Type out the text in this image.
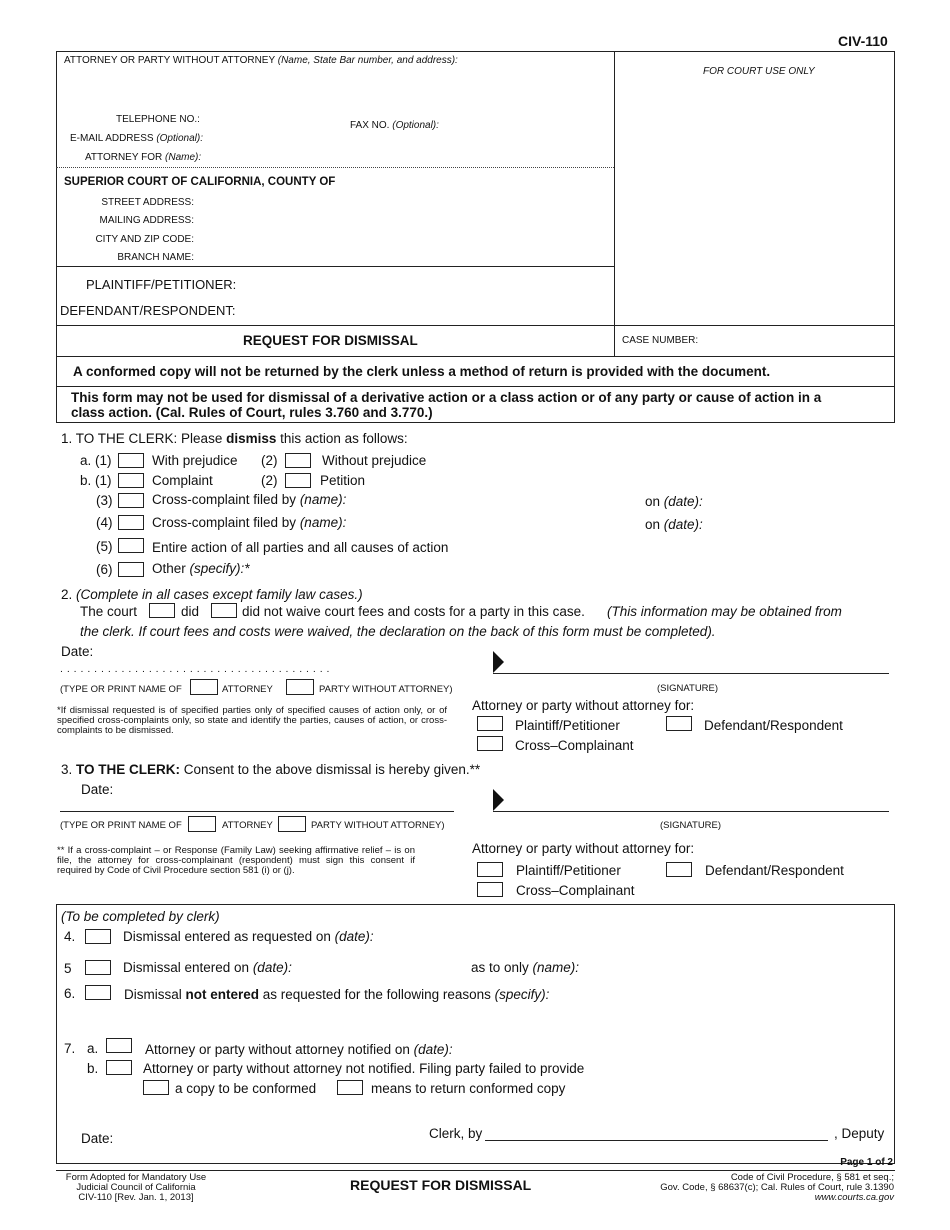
CIV-110
ATTORNEY OR PARTY WITHOUT ATTORNEY (Name, State Bar number, and address):
FOR COURT USE ONLY
TELEPHONE NO.:
FAX NO. (Optional):
E-MAIL ADDRESS (Optional):
ATTORNEY FOR (Name):
SUPERIOR COURT OF CALIFORNIA, COUNTY OF
STREET ADDRESS:
MAILING ADDRESS:
CITY AND ZIP CODE:
BRANCH NAME:
PLAINTIFF/PETITIONER:
DEFENDANT/RESPONDENT:
REQUEST FOR DISMISSAL	CASE NUMBER:
A conformed copy will not be returned by the clerk unless a method of return is provided with the document.
This form may not be used for dismissal of a derivative action or a class action or of any party or cause of action in a
class action. (Cal. Rules of Court, rules 3.760 and 3.770.)
1. TO THE CLERK: Please dismiss this action as follows:
a. (1)	With prejudice (2)	Without prejudice
b. (1)	Complaint	(2)	Petition
(3)	Cross-complaint filed by (name):	on (date):
(4)	Cross-complaint filed by (name):	on (date):
(5)	Entire action of all parties and all causes of action
(6)	Other (specify):*
2. (Complete in all cases except family law cases.)
The court	did	did not waive court fees and costs for a party in this case. (This information may be obtained from
the clerk. If court fees and costs were waived, the declaration on the back of this form must be completed).
Date:
. . . . . . . . . . . . . . . . . . . . . . . . . . . . . . . . . . . . . . . .
(TYPE OR PRINT NAME OF	ATTORNEY	PARTY WITHOUT ATTORNEY)	(SIGNATURE)
*If dismissal requested is of specified parties only of specified causes of action only, or of specified cross-complaints only, so state and identify the parties, causes of action, or cross-complaints to be dismissed.
Attorney or party without attorney for:
Plaintiff/Petitioner	Defendant/Respondent
Cross–Complainant
3. TO THE CLERK: Consent to the above dismissal is hereby given.**
Date:
(TYPE OR PRINT NAME OF	ATTORNEY	PARTY WITHOUT ATTORNEY)	(SIGNATURE)
** If a cross-complaint – or Response (Family Law) seeking affirmative relief – is on file, the attorney for cross-complainant (respondent) must sign this consent if required by Code of Civil Procedure section 581 (i) or (j).
Attorney or party without attorney for:
Plaintiff/Petitioner	Defendant/Respondent
Cross–Complainant
(To be completed by clerk)
4.	Dismissal entered as requested on (date):
5	Dismissal entered on (date):	as to only (name):
6.	Dismissal not entered as requested for the following reasons (specify):
7. a.	Attorney or party without attorney notified on (date):
b.	Attorney or party without attorney not notified. Filing party failed to provide
a copy to be conformed	means to return conformed copy
Date:	Clerk, by	, Deputy
Page 1 of 2
Form Adopted for Mandatory Use
Judicial Council of California
CIV-110 [Rev. Jan. 1, 2013]
REQUEST FOR DISMISSAL	Code of Civil Procedure, § 581 et seq.;
Gov. Code, § 68637(c); Cal. Rules of Court, rule 3.1390
www.courts.ca.gov
